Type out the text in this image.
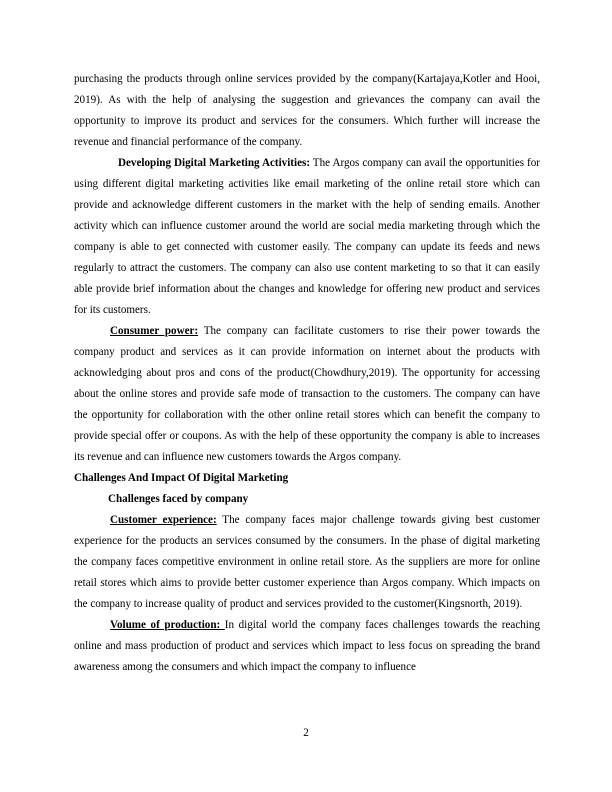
purchasing the products through online services provided by the company(Kartajaya,Kotler and Hooi, 2019). As with the help of analysing the suggestion and grievances the company can avail the opportunity to improve its product and services for the consumers. Which further will increase the revenue and financial performance of the company.

Developing Digital Marketing Activities: The Argos company can avail the opportunities for using different digital marketing activities like email marketing of the online retail store which can provide and acknowledge different customers in the market with the help of sending emails. Another activity which can influence customer around the world are social media marketing through which the company is able to get connected with customer easily. The company can update its feeds and news regularly to attract the customers. The company can also use content marketing to so that it can easily able provide brief information about the changes and knowledge for offering new product and services for its customers.

Consumer power: The company can facilitate customers to rise their power towards the company product and services as it can provide information on internet about the products with acknowledging about pros and cons of the product(Chowdhury,2019). The opportunity for accessing about the online stores and provide safe mode of transaction to the customers. The company can have the opportunity for collaboration with the other online retail stores which can benefit the company to provide special offer or coupons. As with the help of these opportunity the company is able to increases its revenue and can influence new customers towards the Argos company.

Challenges And Impact Of Digital Marketing

Challenges faced by company

Customer experience: The company faces major challenge towards giving best customer experience for the products an services consumed by the consumers. In the phase of digital marketing the company faces competitive environment in online retail store. As the suppliers are more for online retail stores which aims to provide better customer experience than Argos company. Which impacts on the company to increase quality of product and services provided to the customer(Kingsnorth, 2019).

Volume of production: In digital world the company faces challenges towards the reaching online and mass production of product and services which impact to less focus on spreading the brand awareness among the consumers and which impact the company to influence

2
